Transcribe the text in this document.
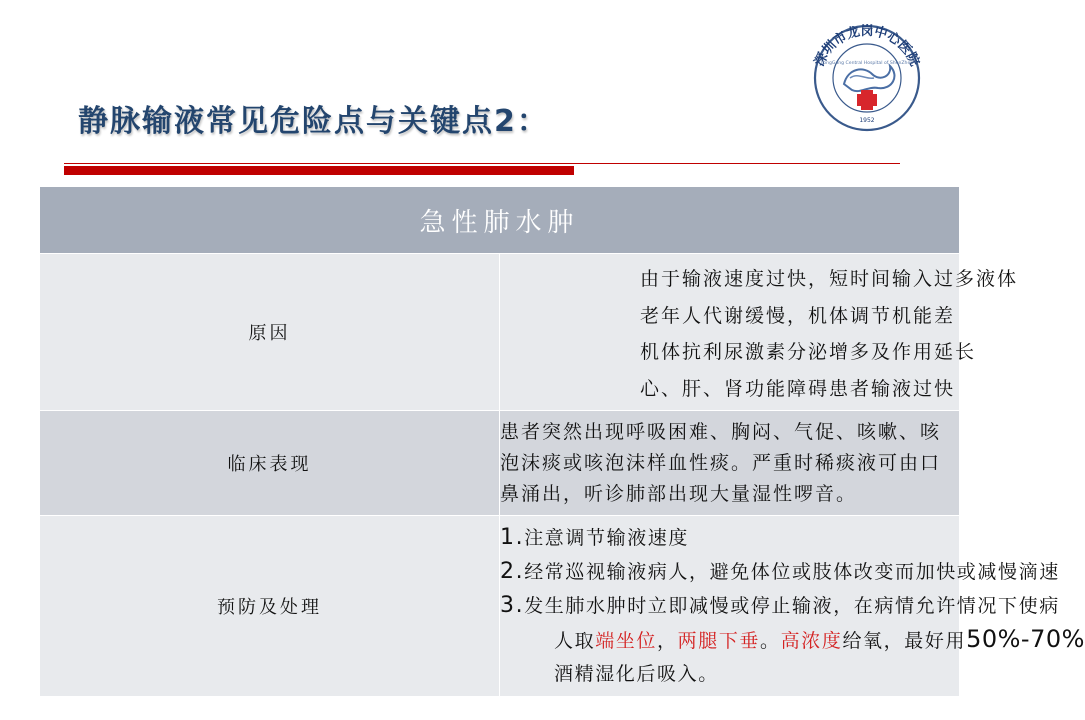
静脉输液常见危险点与关键点2：
深圳市龙岗中心医院
LongGang Central Hospital of ShenZhen
1952
急性肺水肿	
原因	由于输液速度过快，短时间输入过多液体
老年人代谢缓慢，机体调节机能差
机体抗利尿激素分泌增多及作用延长
心、肝、肾功能障碍患者输液过快

临床表现	患者突然出现呼吸困难、胸闷、气促、咳嗽、咳泡沫痰或咳泡沫样血性痰。严重时稀痰液可由口鼻涌出，听诊肺部出现大量湿性啰音。
预防及处理	1.注意调节输液速度
2.经常巡视输液病人，避免体位或肢体改变而加快或减慢滴速
3.发生肺水肿时立即减慢或停止输液，在病情允许情况下使病
人取端坐位，两腿下垂。高浓度给氧，最好用50%-70%
酒精湿化后吸入。
